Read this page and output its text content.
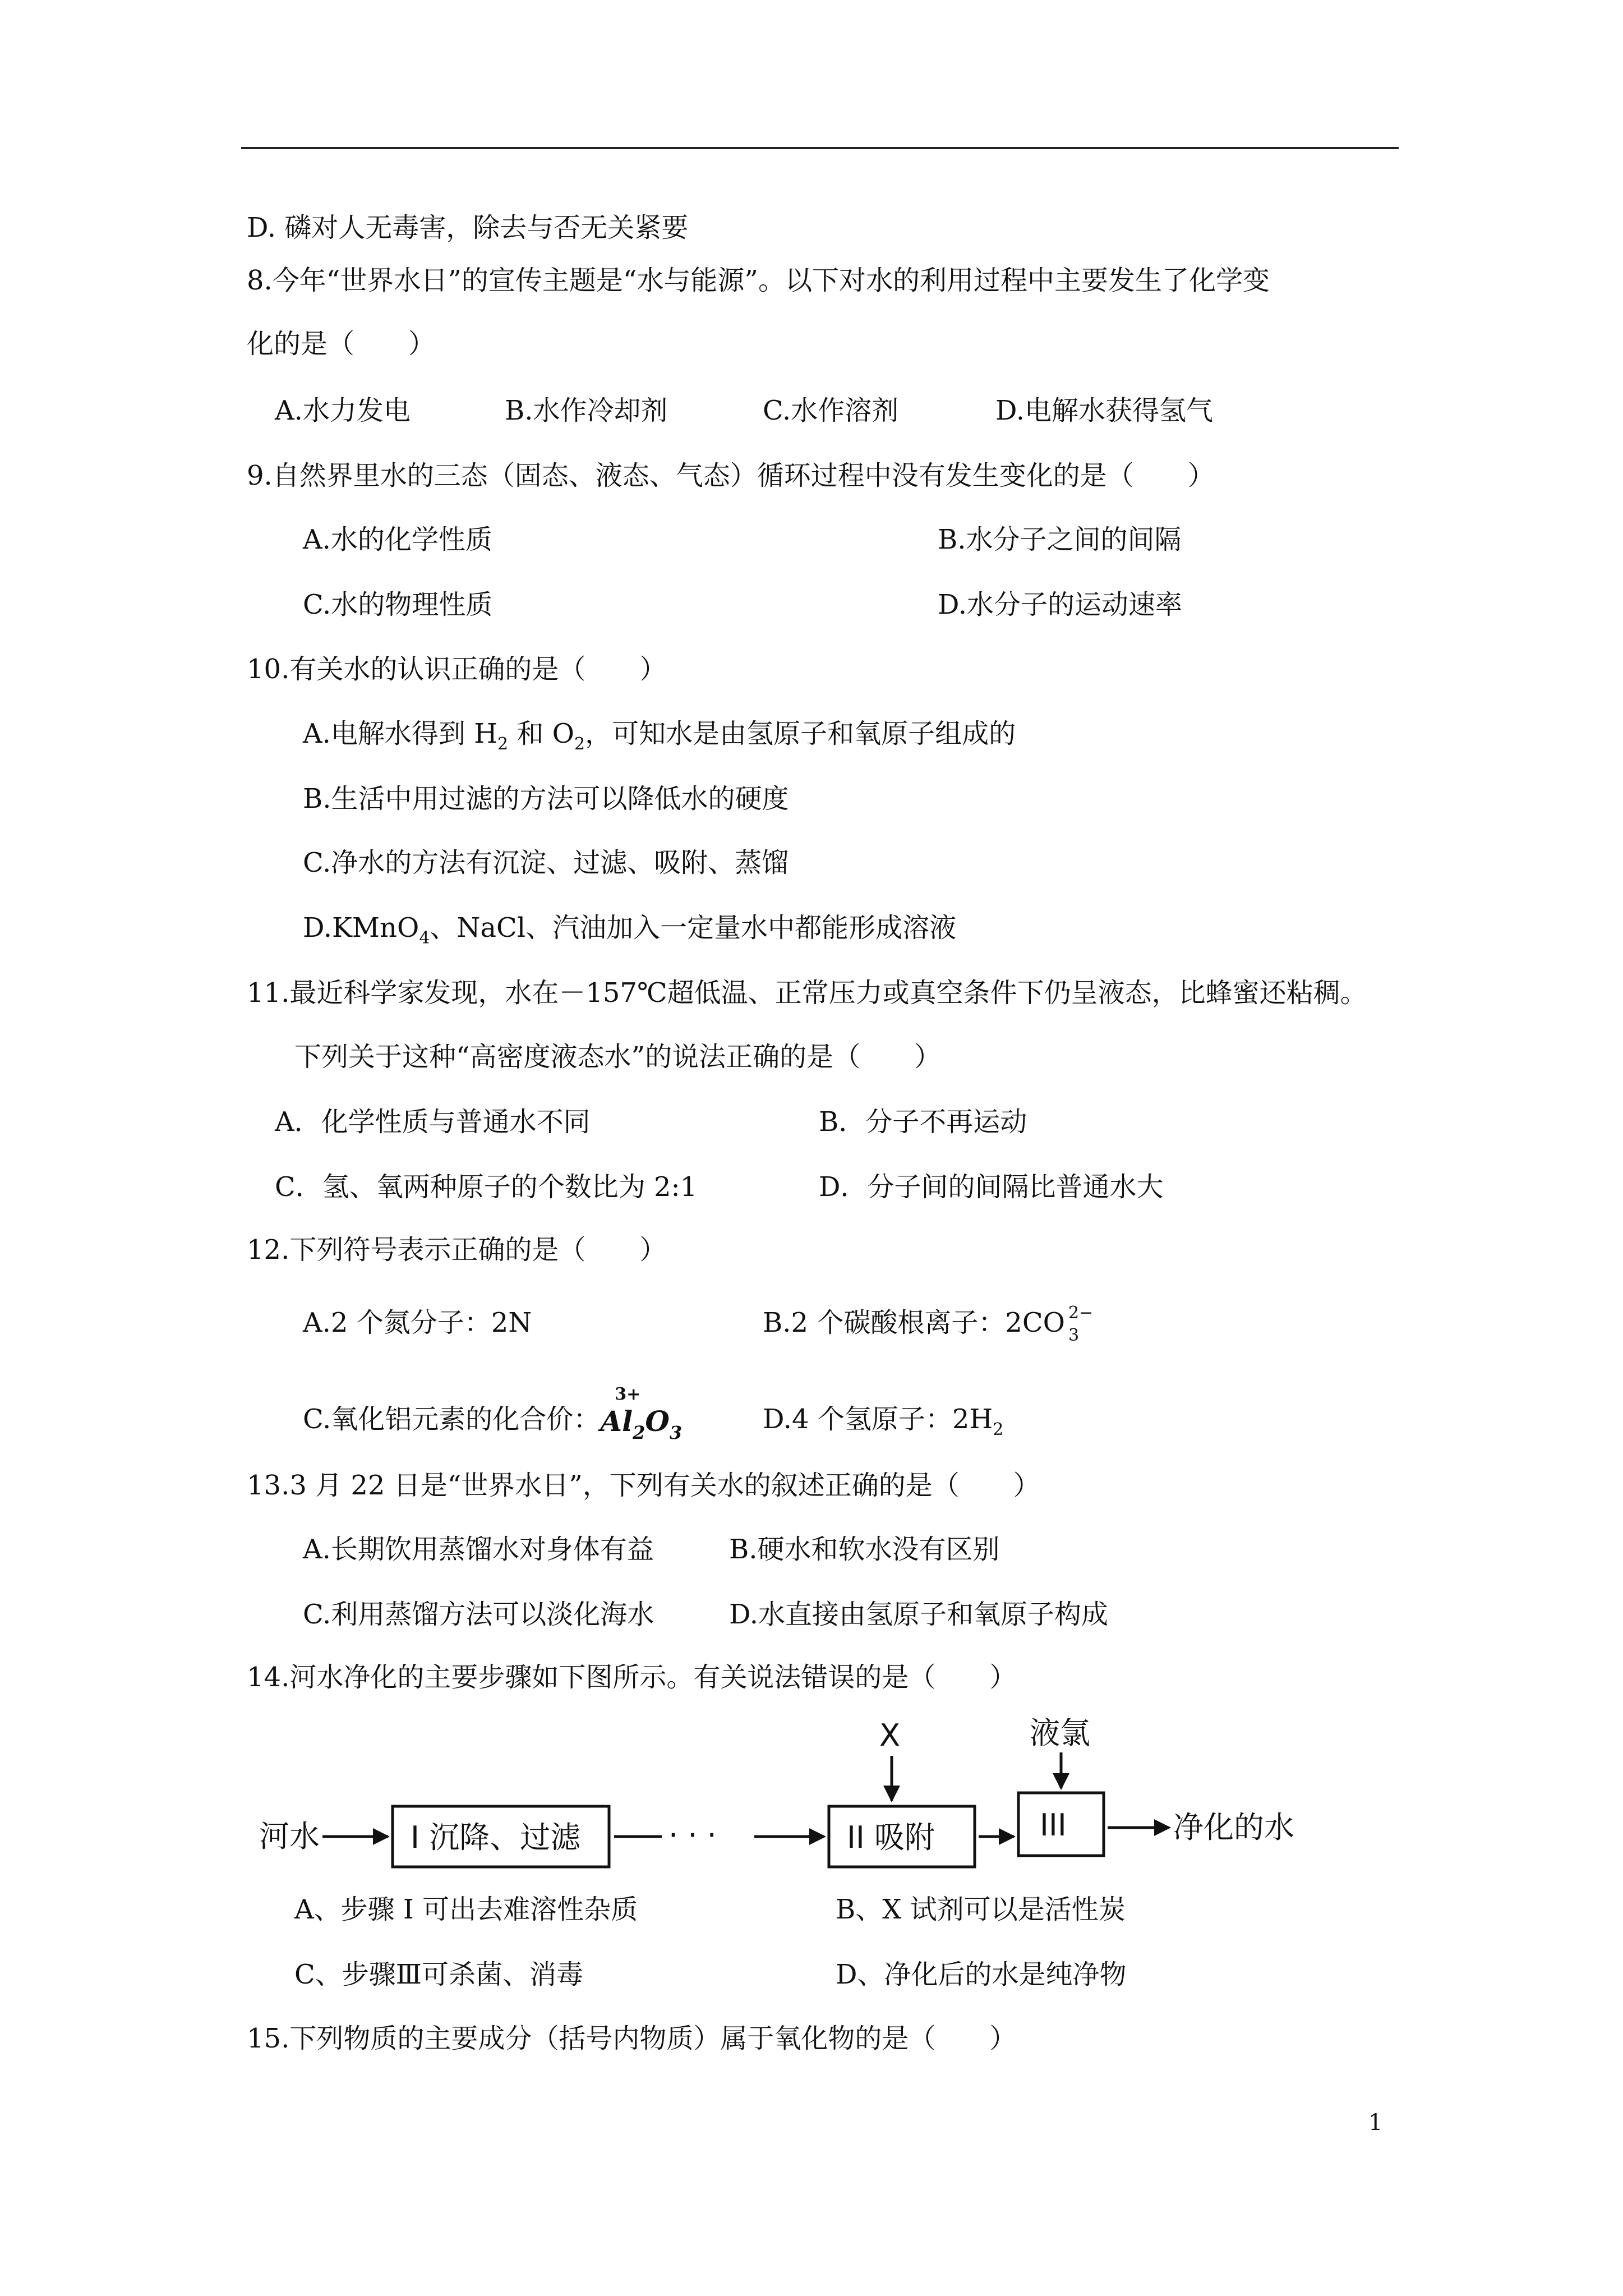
D. 磷对人无毒害，除去与否无关紧要
8.今年“世界水日”的宣传主题是“水与能源”。以下对水的利用过程中主要发生了化学变
化的是（　　）
A.水力发电	B.水作冷却剂	C.水作溶剂	D.电解水获得氢气
9.自然界里水的三态（固态、液态、气态）循环过程中没有发生变化的是（　　）
A.水的化学性质	B.水分子之间的间隔
C.水的物理性质	D.水分子的运动速率
10.有关水的认识正确的是（　　）
A.电解水得到 $H_2$ 和 $O_2$，可知水是由氢原子和氧原子组成的
B.生活中用过滤的方法可以降低水的硬度
C.净水的方法有沉淀、过滤、吸附、蒸馏
D.KMnO$_4$、NaCl、汽油加入一定量水中都能形成溶液
11.最近科学家发现，水在－157℃超低温、正常压力或真空条件下仍呈液态，比蜂蜜还粘稠。
下列关于这种“高密度液态水”的说法正确的是（　　）
A．化学性质与普通水不同	B．分子不再运动
C．氢、氧两种原子的个数比为 2:1	D．分子间的间隔比普通水大
12.下列符号表示正确的是（　　）
A.2 个氮分子：2N	B.2 个碳酸根离子：2CO 2−
3
C.氧化铝元素的化合价：
3+
$Al_2O_3$	D.4 个氢原子：$2H_2$
13.3 月 22 日是“世界水日”，下列有关水的叙述正确的是（　　）
A.长期饮用蒸馏水对身体有益	B.硬水和软水没有区别
C.利用蒸馏方法可以淡化海水	D.水直接由氢原子和氧原子构成
14.河水净化的主要步骤如下图所示。有关说法错误的是（　　）
河水	I 沉降、过滤	· · ·	II 吸附
X
III
液氯
净化的水
A、步骤 I 可出去难溶性杂质	B、X 试剂可以是活性炭
C、步骤Ⅲ可杀菌、消毒	D、净化后的水是纯净物
15.下列物质的主要成分（括号内物质）属于氧化物的是（　　）
1
